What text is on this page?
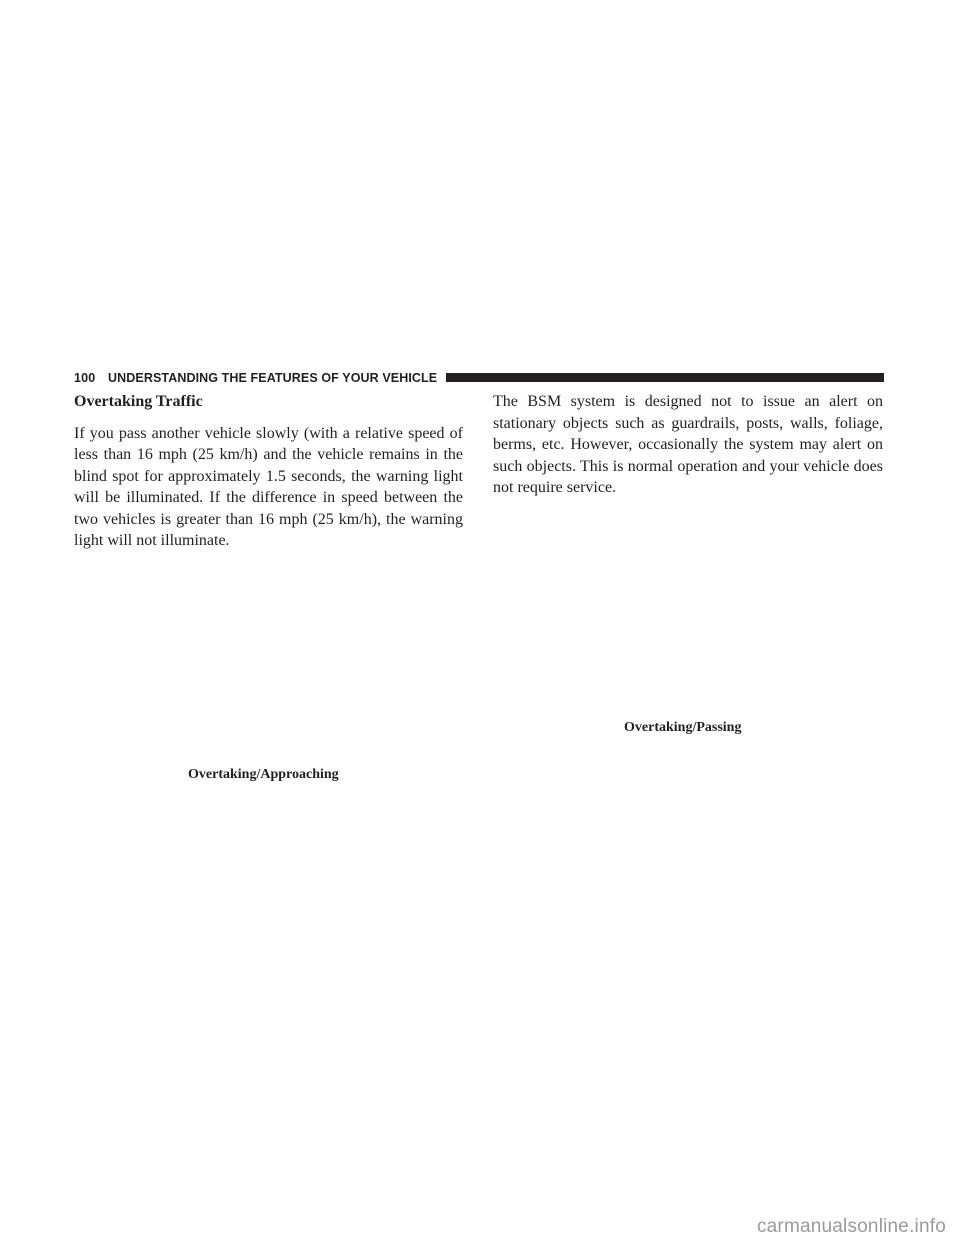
100 UNDERSTANDING THE FEATURES OF YOUR VEHICLE
Overtaking Traffic

If you pass another vehicle slowly (with a relative speed of less than 16 mph (25 km/h) and the vehicle remains in the blind spot for approximately 1.5 seconds, the warning light will be illuminated. If the difference in speed between the two vehicles is greater than 16 mph (25 km/h), the warning light will not illuminate.

The BSM system is designed not to issue an alert on stationary objects such as guardrails, posts, walls, foliage, berms, etc. However, occasionally the system may alert on such objects. This is normal operation and your vehicle does not require service.

Overtaking/Passing
Overtaking/Approaching
carmanualsonline.info
